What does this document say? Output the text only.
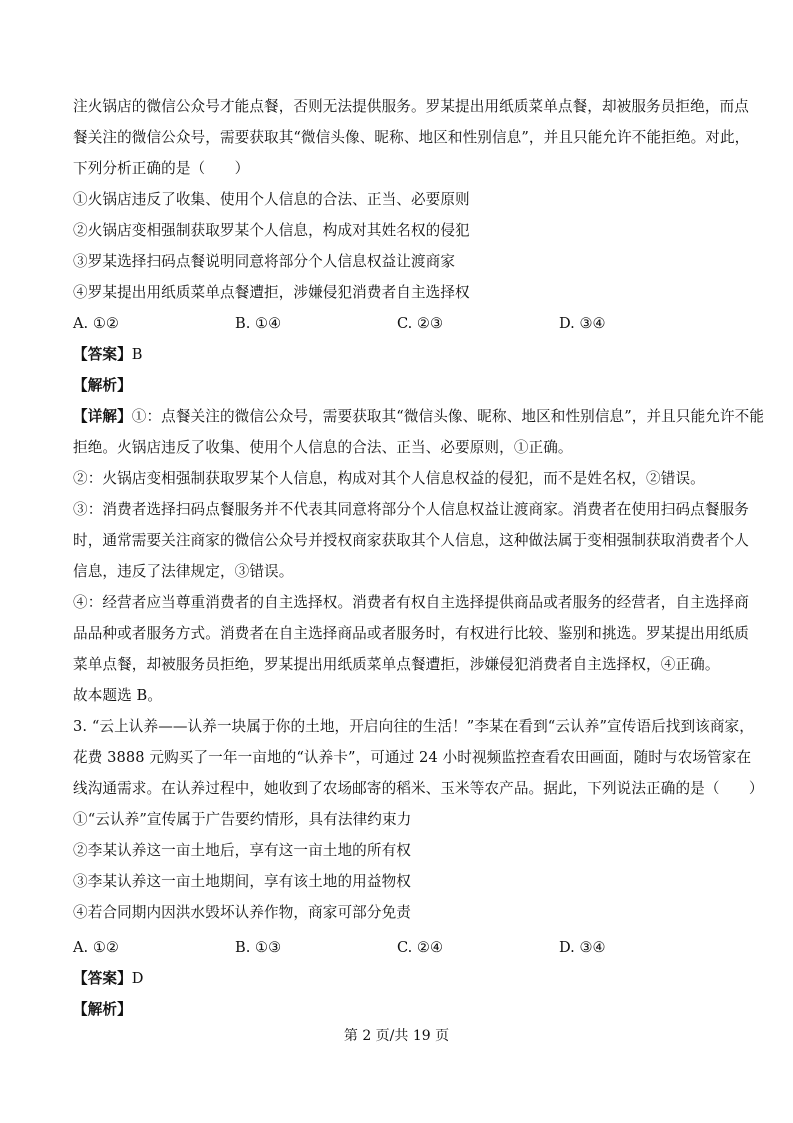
注火锅店的微信公众号才能点餐，否则无法提供服务。罗某提出用纸质菜单点餐，却被服务员拒绝，而点
餐关注的微信公众号，需要获取其“微信头像、昵称、地区和性别信息”，并且只能允许不能拒绝。对此，
下列分析正确的是（　　）
①火锅店违反了收集、使用个人信息的合法、正当、必要原则
②火锅店变相强制获取罗某个人信息，构成对其姓名权的侵犯
③罗某选择扫码点餐说明同意将部分个人信息权益让渡商家
④罗某提出用纸质菜单点餐遭拒，涉嫌侵犯消费者自主选择权
A. ①②	B. ①④	C. ②③	D. ③④
【答案】B
【解析】
【详解】①：点餐关注的微信公众号，需要获取其“微信头像、昵称、地区和性别信息”，并且只能允许不能
拒绝。火锅店违反了收集、使用个人信息的合法、正当、必要原则，①正确。
②：火锅店变相强制获取罗某个人信息，构成对其个人信息权益的侵犯，而不是姓名权，②错误。
③：消费者选择扫码点餐服务并不代表其同意将部分个人信息权益让渡商家。消费者在使用扫码点餐服务
时，通常需要关注商家的微信公众号并授权商家获取其个人信息，这种做法属于变相强制获取消费者个人
信息，违反了法律规定，③错误。
④：经营者应当尊重消费者的自主选择权。消费者有权自主选择提供商品或者服务的经营者，自主选择商
品品种或者服务方式。消费者在自主选择商品或者服务时，有权进行比较、鉴别和挑选。罗某提出用纸质
菜单点餐，却被服务员拒绝，罗某提出用纸质菜单点餐遭拒，涉嫌侵犯消费者自主选择权，④正确。
故本题选 B。
3. “云上认养——认养一块属于你的土地，开启向往的生活！”李某在看到“云认养”宣传语后找到该商家，
花费 3888 元购买了一年一亩地的“认养卡”，可通过 24 小时视频监控查看农田画面，随时与农场管家在
线沟通需求。在认养过程中，她收到了农场邮寄的稻米、玉米等农产品。据此，下列说法正确的是（　　）
①“云认养”宣传属于广告要约情形，具有法律约束力
②李某认养这一亩土地后，享有这一亩土地的所有权
③李某认养这一亩土地期间，享有该土地的用益物权
④若合同期内因洪水毁坏认养作物，商家可部分免责
A. ①②	B. ①③	C. ②④	D. ③④
【答案】D
【解析】
第 2 页/共 19 页
